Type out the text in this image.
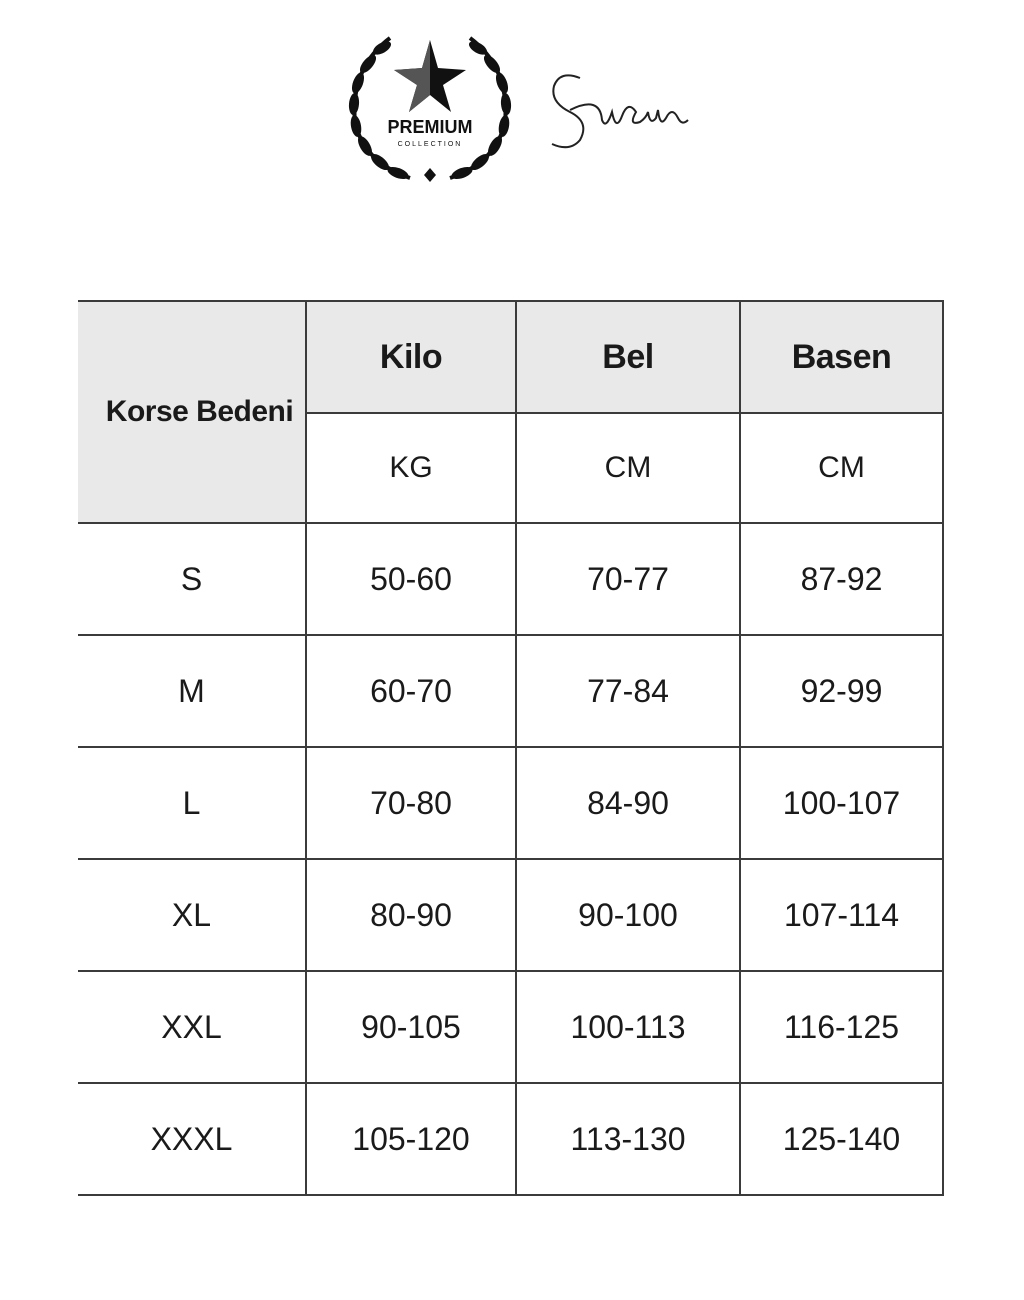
PREMIUM
COLLECTION
Korse Bedeni	Kilo	Bel	Basen
	KG	CM	CM
S	50-60	70-77	87-92
M	60-70	77-84	92-99
L	70-80	84-90	100-107
XL	80-90	90-100	107-114
XXL	90-105	100-113	116-125
XXXL	105-120	113-130	125-140
